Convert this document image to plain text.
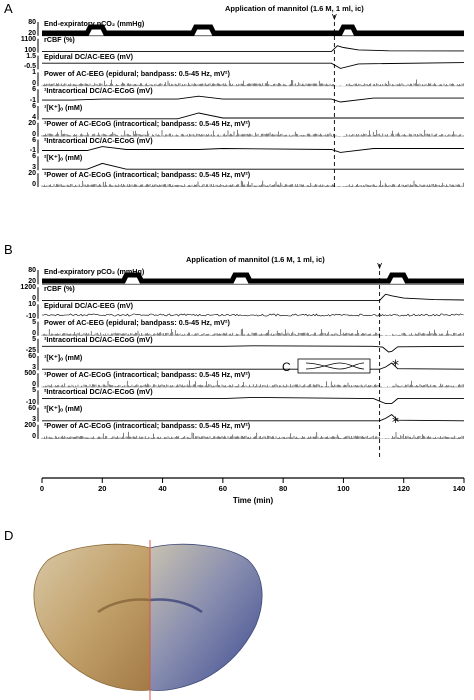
A
B
D
Application of mannitol (1.6 M, 1 ml, ic)
Application of mannitol (1.6 M, 1 ml, ic)
C	*
*
End-expiratory pCO₂ (mmHg)
80
20
rCBF (%)
1100
100
Epidural DC/AC-EEG (mV)
1.5
-0.5
Power of AC-EEG (epidural; bandpass: 0.5-45 Hz, mV²)
1
0
¹Intracortical DC/AC-ECoG (mV)
6
-1
¹[K⁺]ₒ (mM)
6
4
¹Power of AC-ECoG (intracortical; bandpass: 0.5-45 Hz, mV²)
20
0
²Intracortical DC/AC-ECoG (mV)
6
-1
²[K⁺]ₒ (mM)
6
3
²Power of AC-ECoG (intracortical; bandpass: 0.5-45 Hz, mV²)
20
0
End-expiratory pCO₂ (mmHg)
80
20
rCBF (%)
1200
0
Epidural DC/AC-EEG (mV)
10
-10
Power of AC-EEG (epidural; bandpass: 0.5-45 Hz, mV²)
5
0
¹Intracortical DC/AC-ECoG (mV)
5
-25
¹[K⁺]ₒ (mM)
60
3
¹Power of AC-ECoG (intracortical; bandpass: 0.5-45 Hz, mV²)
500
0
²Intracortical DC/AC-ECoG (mV)
5
-10
²[K⁺]ₒ (mM)
60
3
²Power of AC-ECoG (intracortical; bandpass: 0.5-45 Hz, mV²)
200
0
0	20	40	60	80	100	120	140
Time (min)
